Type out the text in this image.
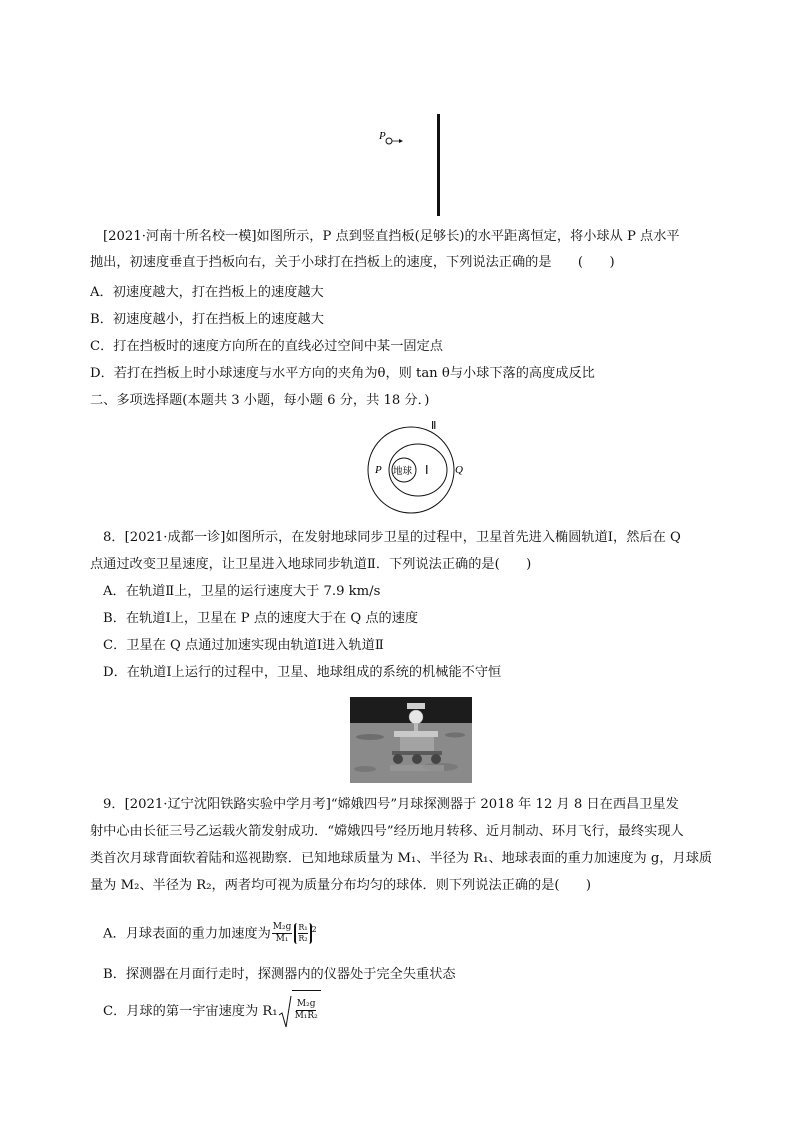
P
[2021·河南十所名校一模]如图所示，P 点到竖直挡板(足够长)的水平距离恒定，将小球从 P 点水平
抛出，初速度垂直于挡板向右，关于小球打在挡板上的速度，下列说法正确的是　　(　　)
A．初速度越大，打在挡板上的速度越大
B．初速度越小，打在挡板上的速度越大
C．打在挡板时的速度方向所在的直线必过空间中某一固定点
D．若打在挡板上时小球速度与水平方向的夹角为θ，则 tan θ与小球下落的高度成反比
二、多项选择题(本题共 3 小题，每小题 6 分，共 18 分．)
Ⅱ
地球
P	Ⅰ Q
8．[2021·成都一诊]如图所示，在发射地球同步卫星的过程中，卫星首先进入椭圆轨道Ⅰ，然后在 Q
点通过改变卫星速度，让卫星进入地球同步轨道Ⅱ．下列说法正确的是(　　)
A．在轨道Ⅱ上，卫星的运行速度大于 7.9 km/s
B．在轨道Ⅰ上，卫星在 P 点的速度大于在 Q 点的速度
C．卫星在 Q 点通过加速实现由轨道Ⅰ进入轨道Ⅱ
D．在轨道Ⅰ上运行的过程中，卫星、地球组成的系统的机械能不守恒
9．[2021·辽宁沈阳铁路实验中学月考]“嫦娥四号”月球探测器于 2018 年 12 月 8 日在西昌卫星发
射中心由长征三号乙运载火箭发射成功．“嫦娥四号”经历地月转移、近月制动、环月飞行，最终实现人
类首次月球背面软着陆和巡视勘察．已知地球质量为 M₁、半径为 R₁、地球表面的重力加速度为 g，月球质
量为 M₂、半径为 R₂，两者均可视为质量分布均匀的球体．则下列说法正确的是(　　)
A．月球表面的重力加速度为 $\frac{\text{M₂g}}{\text{M₁}} \frac{\text{R₁}}{\text{R₂}} ^2$
B．探测器在月面行走时，探测器内的仪器处于完全失重状态
C．月球的第一宇宙速度为 $R_1 \frac{\text{M₂g}}{\text{M₁R₂}}$
